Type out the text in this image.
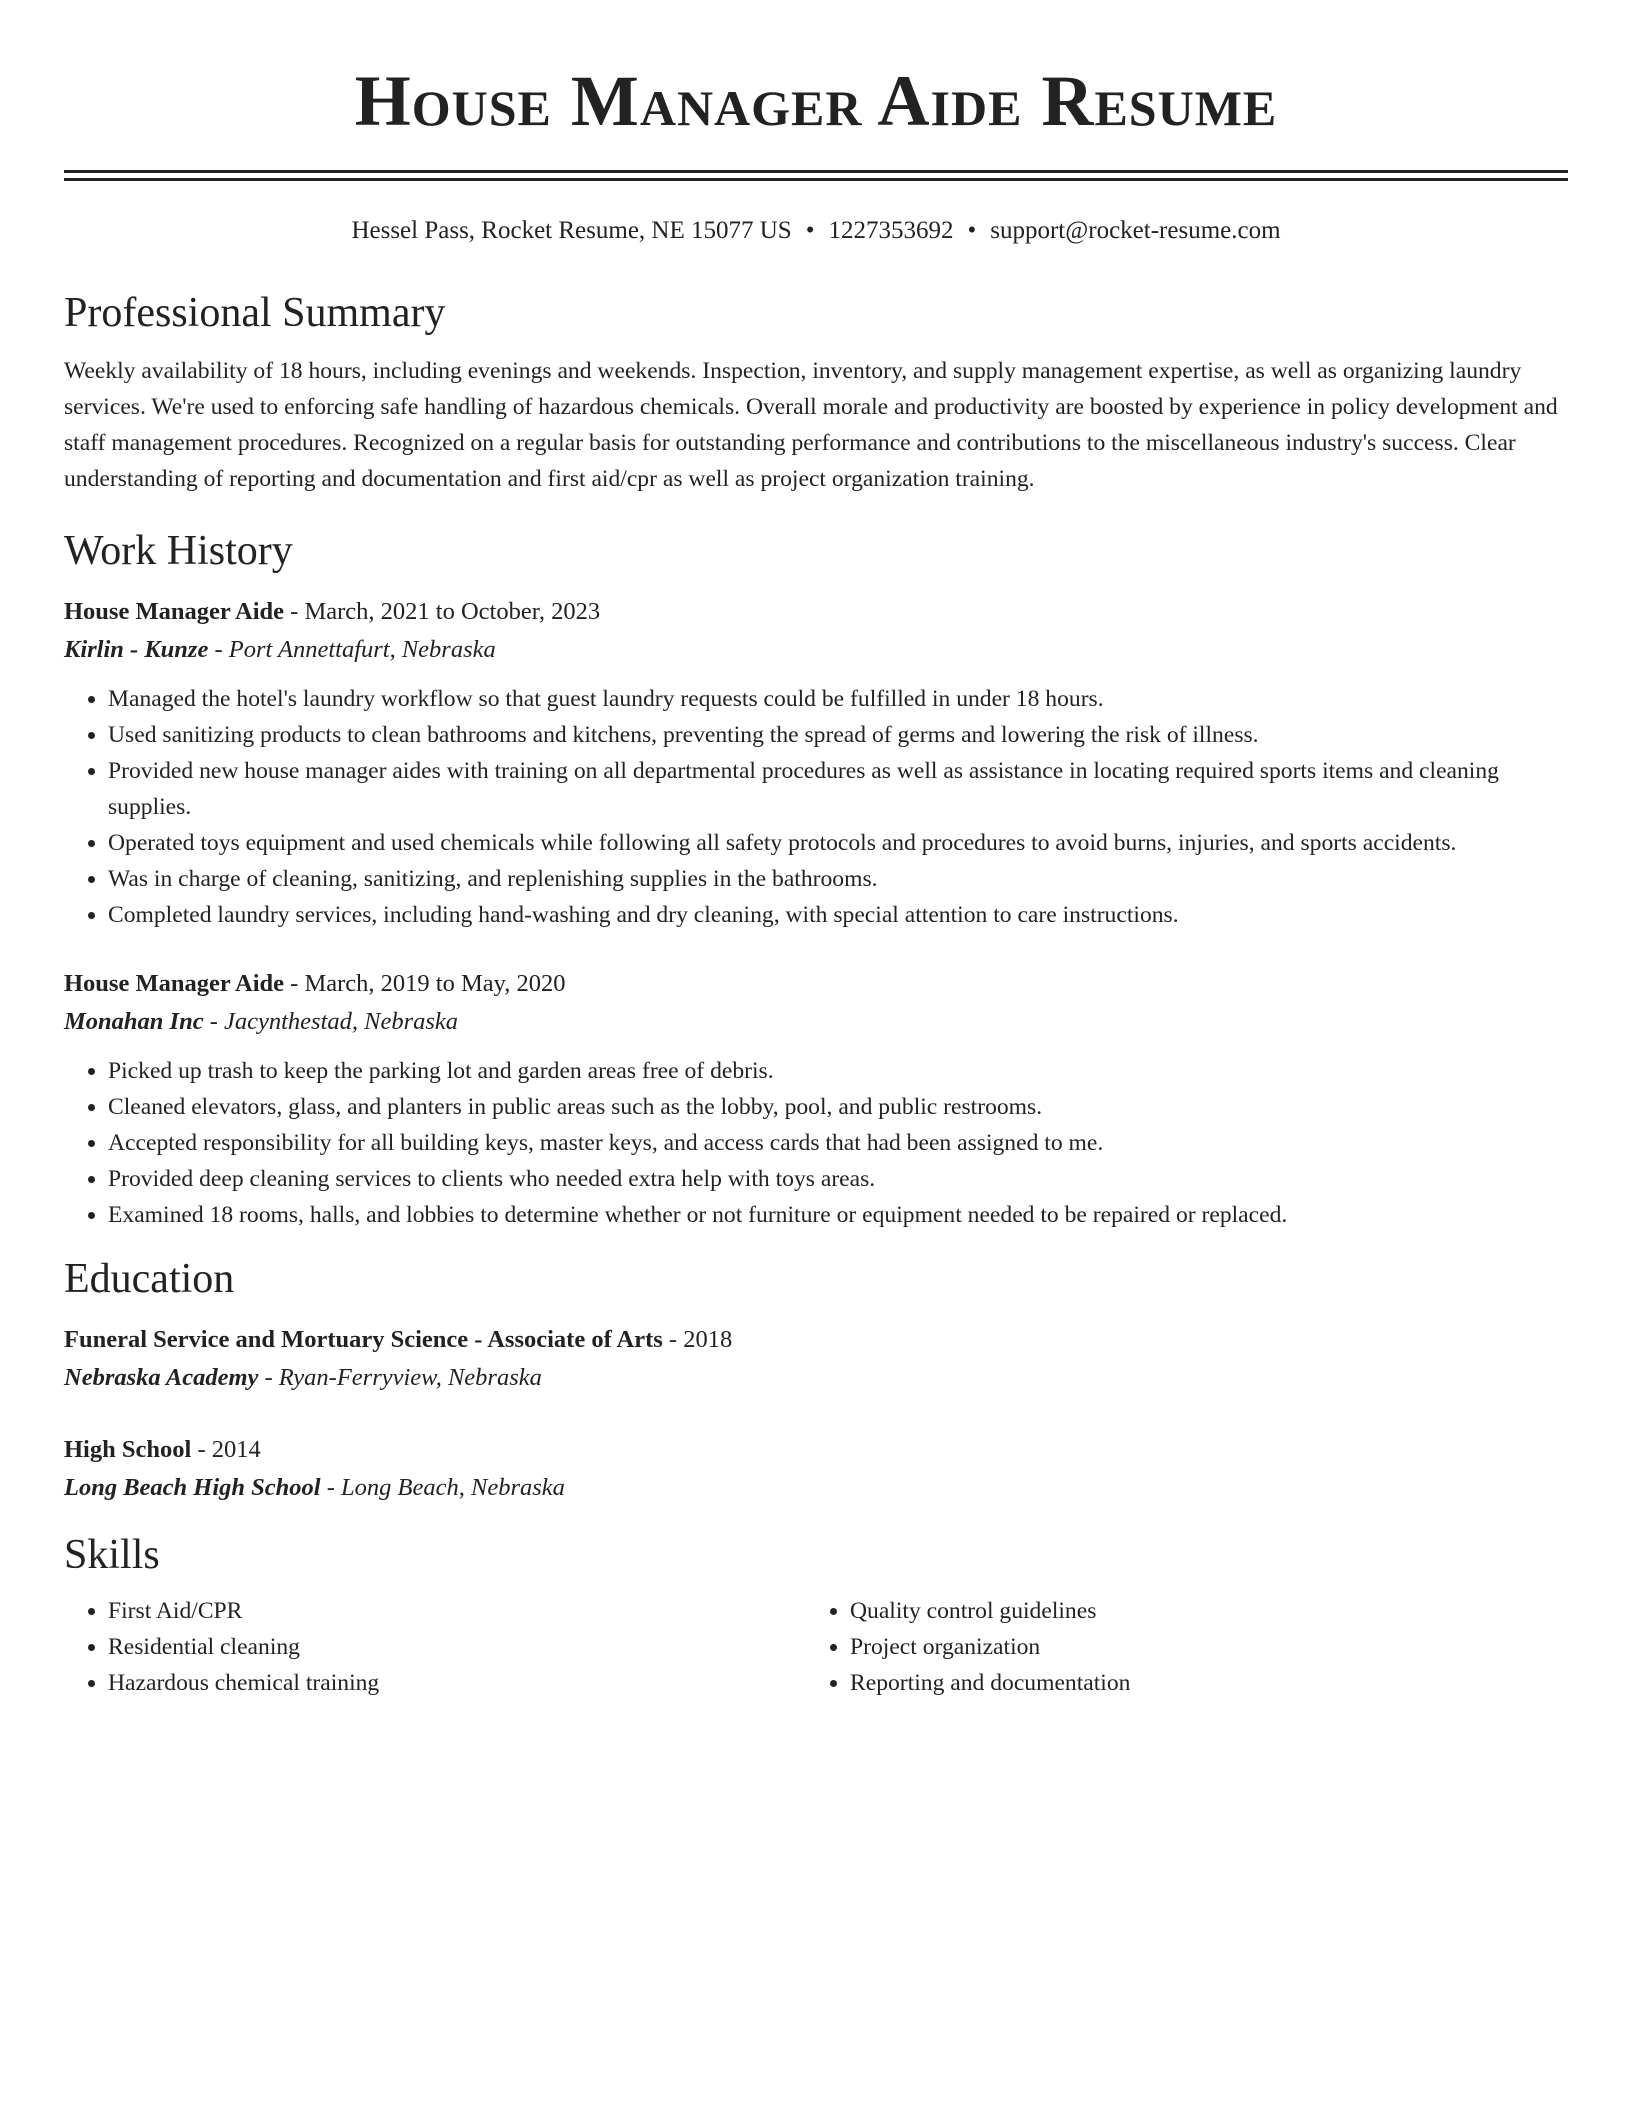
House Manager Aide Resume
Hessel Pass, Rocket Resume, NE 15077 US • 1227353692 • support@rocket-resume.com
Professional Summary
Weekly availability of 18 hours, including evenings and weekends. Inspection, inventory, and supply management expertise, as well as organizing laundry services. We're used to enforcing safe handling of hazardous chemicals. Overall morale and productivity are boosted by experience in policy development and staff management procedures. Recognized on a regular basis for outstanding performance and contributions to the miscellaneous industry's success. Clear understanding of reporting and documentation and first aid/cpr as well as project organization training.
Work History
House Manager Aide - March, 2021 to October, 2023
Kirlin - Kunze - Port Annettafurt, Nebraska
• Managed the hotel's laundry workflow so that guest laundry requests could be fulfilled in under 18 hours.
• Used sanitizing products to clean bathrooms and kitchens, preventing the spread of germs and lowering the risk of illness.
• Provided new house manager aides with training on all departmental procedures as well as assistance in locating required sports items and cleaning supplies.
• Operated toys equipment and used chemicals while following all safety protocols and procedures to avoid burns, injuries, and sports accidents.
• Was in charge of cleaning, sanitizing, and replenishing supplies in the bathrooms.
• Completed laundry services, including hand-washing and dry cleaning, with special attention to care instructions.
House Manager Aide - March, 2019 to May, 2020
Monahan Inc - Jacynthestad, Nebraska
• Picked up trash to keep the parking lot and garden areas free of debris.
• Cleaned elevators, glass, and planters in public areas such as the lobby, pool, and public restrooms.
• Accepted responsibility for all building keys, master keys, and access cards that had been assigned to me.
• Provided deep cleaning services to clients who needed extra help with toys areas.
• Examined 18 rooms, halls, and lobbies to determine whether or not furniture or equipment needed to be repaired or replaced.
Education
Funeral Service and Mortuary Science - Associate of Arts - 2018
Nebraska Academy - Ryan-Ferryview, Nebraska
High School - 2014
Long Beach High School - Long Beach, Nebraska
Skills
• First Aid/CPR
• Residential cleaning
• Hazardous chemical training
• Quality control guidelines
• Project organization
• Reporting and documentation
